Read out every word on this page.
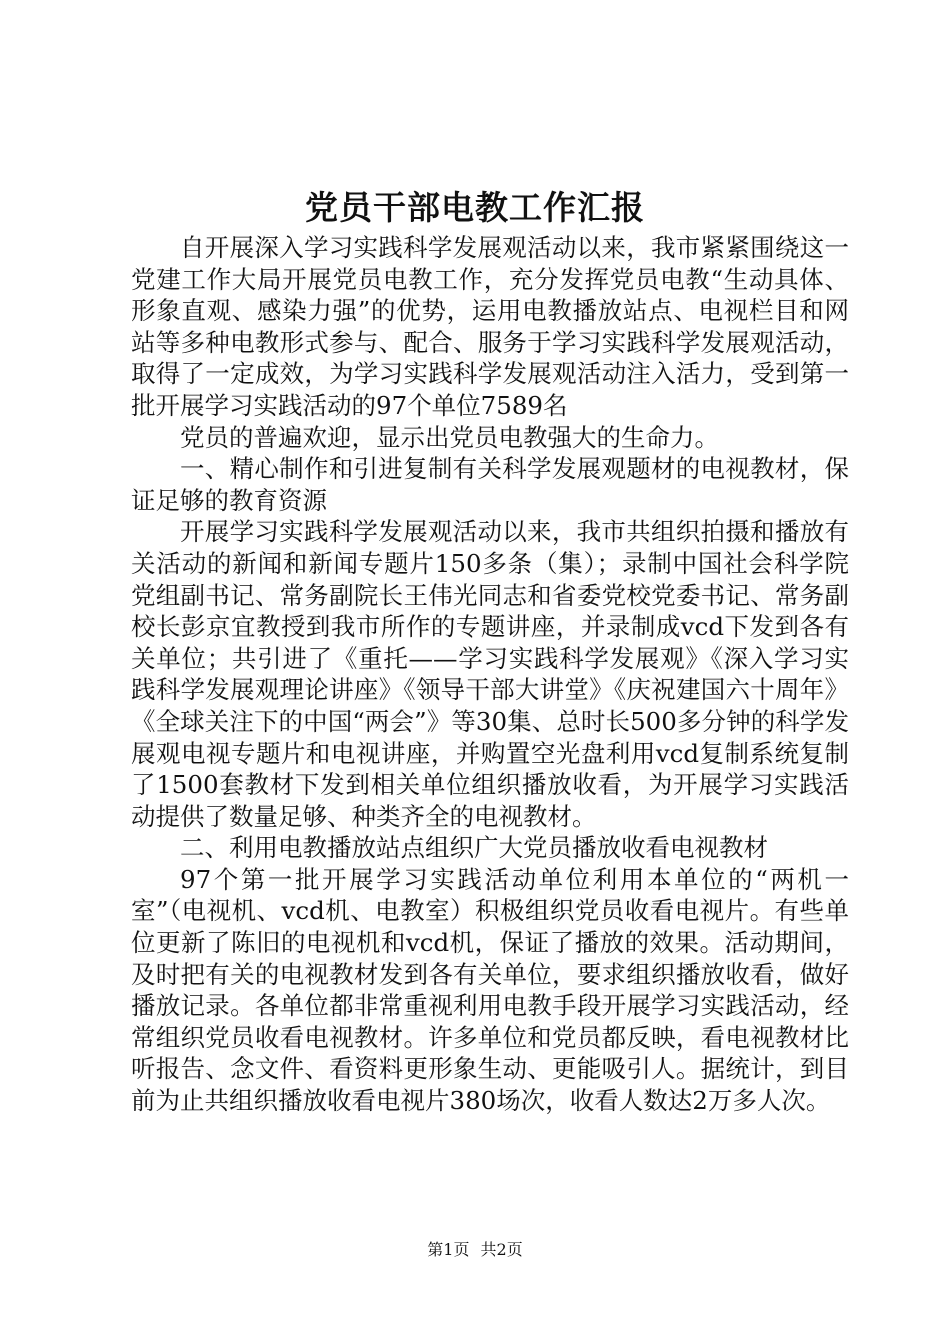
党员干部电教工作汇报

自开展深入学习实践科学发展观活动以来，我市紧紧围绕这一党建工作大局开展党员电教工作，充分发挥党员电教“生动具体、形象直观、感染力强”的优势，运用电教播放站点、电视栏目和网站等多种电教形式参与、配合、服务于学习实践科学发展观活动，取得了一定成效，为学习实践科学发展观活动注入活力，受到第一批开展学习实践活动的97个单位7589名

党员的普遍欢迎，显示出党员电教强大的生命力。

一、精心制作和引进复制有关科学发展观题材的电视教材，保证足够的教育资源

开展学习实践科学发展观活动以来，我市共组织拍摄和播放有关活动的新闻和新闻专题片150多条（集）；录制中国社会科学院党组副书记、常务副院长王伟光同志和省委党校党委书记、常务副校长彭京宜教授到我市所作的专题讲座，并录制成vcd下发到各有关单位；共引进了《重托——学习实践科学发展观》《深入学习实践科学发展观理论讲座》《领导干部大讲堂》《庆祝建国六十周年》《全球关注下的中国“两会”》等30集、总时长500多分钟的科学发展观电视专题片和电视讲座，并购置空光盘利用vcd复制系统复制了1500套教材下发到相关单位组织播放收看，为开展学习实践活动提供了数量足够、种类齐全的电视教材。

二、利用电教播放站点组织广大党员播放收看电视教材

97个第一批开展学习实践活动单位利用本单位的“两机一室”（电视机、vcd机、电教室）积极组织党员收看电视片。有些单位更新了陈旧的电视机和vcd机，保证了播放的效果。活动期间，及时把有关的电视教材发到各有关单位，要求组织播放收看，做好播放记录。各单位都非常重视利用电教手段开展学习实践活动，经常组织党员收看电视教材。许多单位和党员都反映，看电视教材比听报告、念文件、看资料更形象生动、更能吸引人。据统计，到目前为止共组织播放收看电视片380场次，收看人数达2万多人次。

第1页 共2页
